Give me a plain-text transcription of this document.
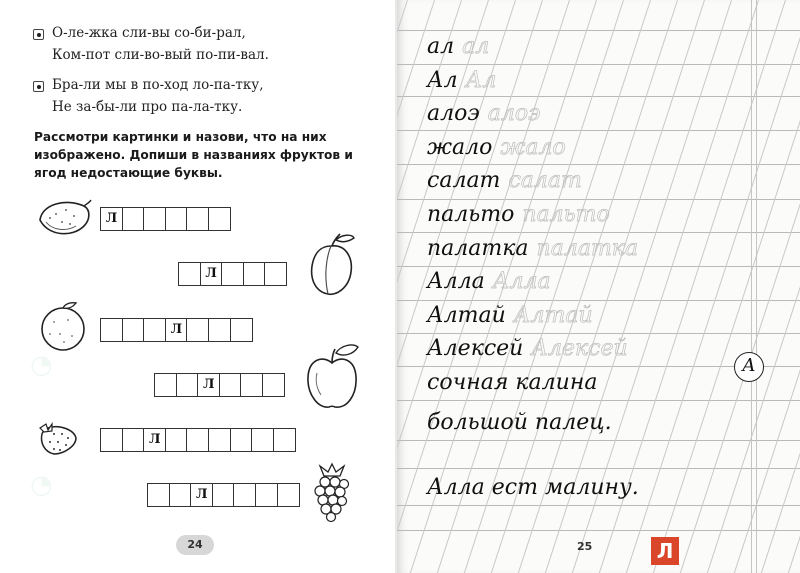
◔
◔
О-ле-жка сли-вы со-би-рал,
Ком-пот сли-во-вый по-пи-вал.
Бра-ли мы в по-ход ло-па-тку,
Не за-бы-ли про па-ла-тку.
Рассмотри картинки и назови, что на них изображено. Допиши в названиях фруктов и ягод недостающие буквы.
Л
Л
Л
Л
Л
Л
24
ал ал
Ал Ал
алоэ алоэ
жало жало
салат салат
пальто пальто
палатка палатка
Алла Алла
Алтай Алтай
Алексей Алексей
сочная калина
большой палец.
Алла ест малину.
А
25	Л
